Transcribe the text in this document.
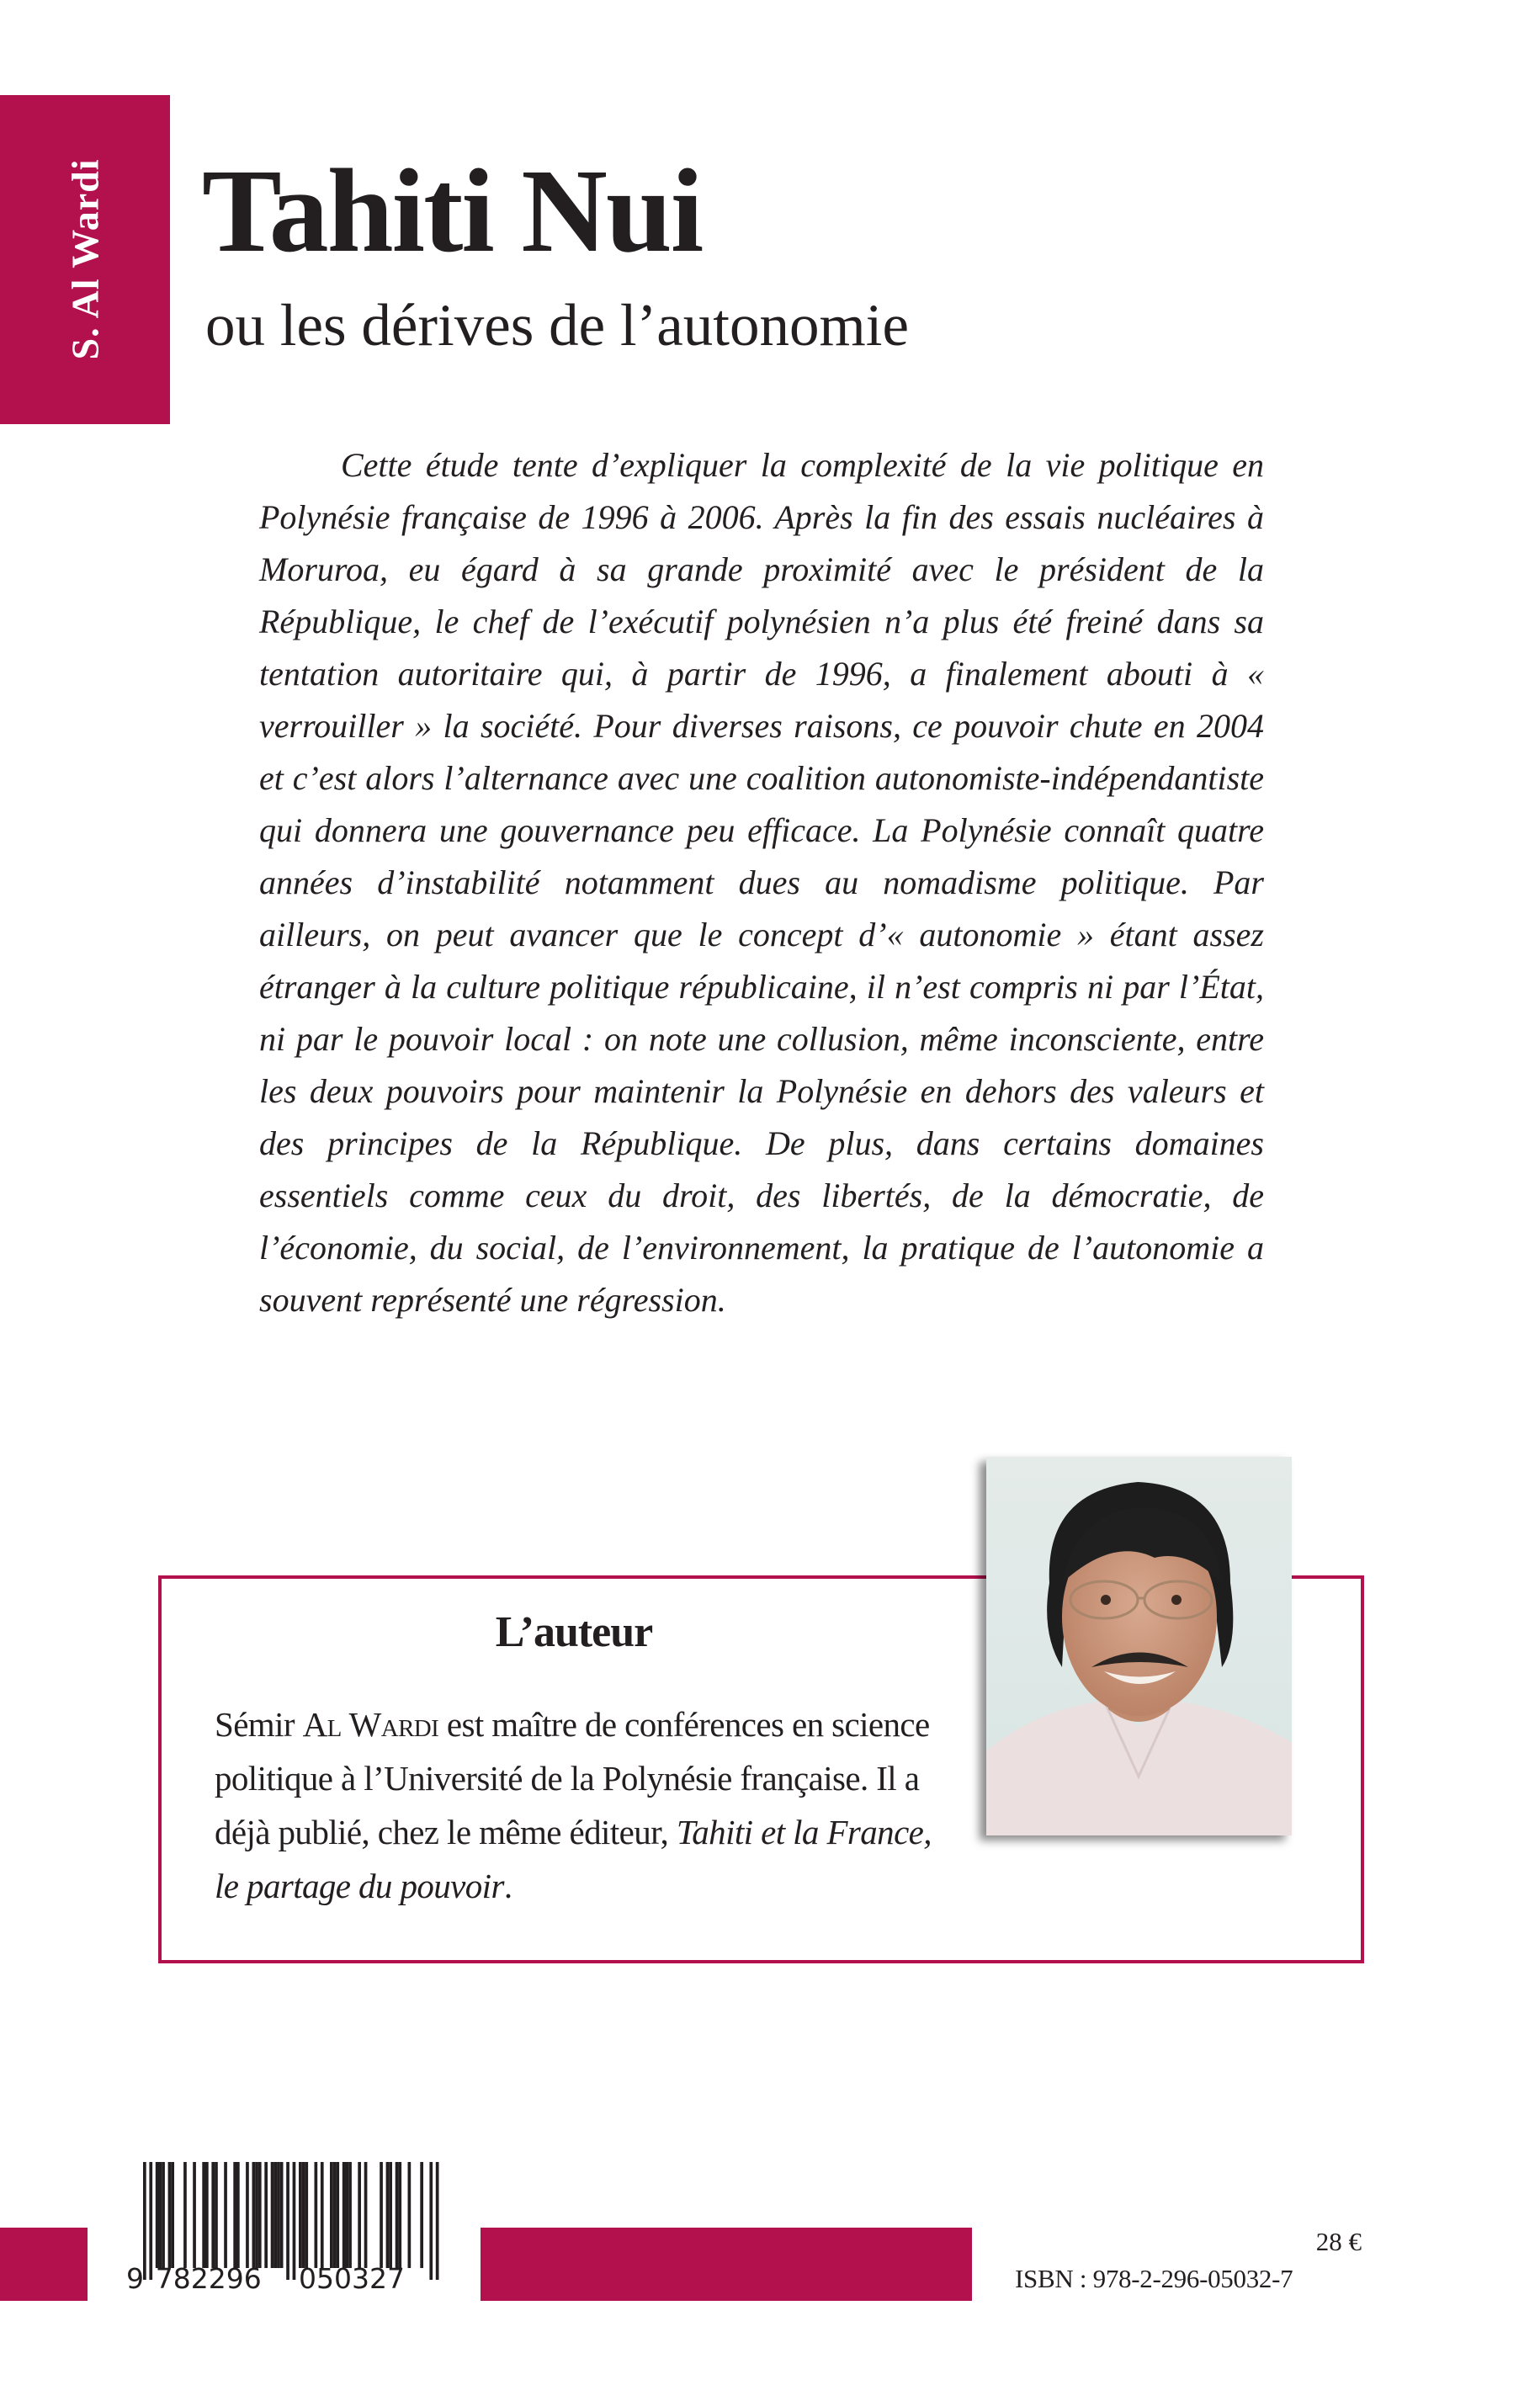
S. Al Wardi Tahiti Nui
ou les dérives de l’autonomie
Cette étude tente d’expliquer la complexité de la vie politique en Polynésie française de 1996 à 2006. Après la fin des essais nucléaires à Moruroa, eu égard à sa grande proximité avec le président de la République, le chef de l’exécutif polynésien n’a plus été freiné dans sa tentation autoritaire qui, à partir de 1996, a finalement abouti à « verrouiller » la société. Pour diverses raisons, ce pouvoir chute en 2004 et c’est alors l’alternance avec une coalition autonomiste-indépendantiste qui donnera une gouvernance peu efficace. La Polynésie connaît quatre années d’instabilité notamment dues au nomadisme politique. Par ailleurs, on peut avancer que le concept d’« autonomie » étant assez étranger à la culture politique républicaine, il n’est compris ni par l’État, ni par le pouvoir local : on note une collusion, même inconsciente, entre les deux pouvoirs pour maintenir la Polynésie en dehors des valeurs et des principes de la République. De plus, dans certains domaines essentiels comme ceux du droit, des libertés, de la démocratie, de l’économie, du social, de l’environnement, la pratique de l’autonomie a souvent représenté une régression.
L’auteur
Sémir Al Wardi est maître de conférences en science politique à l’Université de la Polynésie française. Il a déjà publié, chez le même éditeur, Tahiti et la France, le partage du pouvoir.
9 782296 050327
28 €
ISBN : 978-2-296-05032-7
